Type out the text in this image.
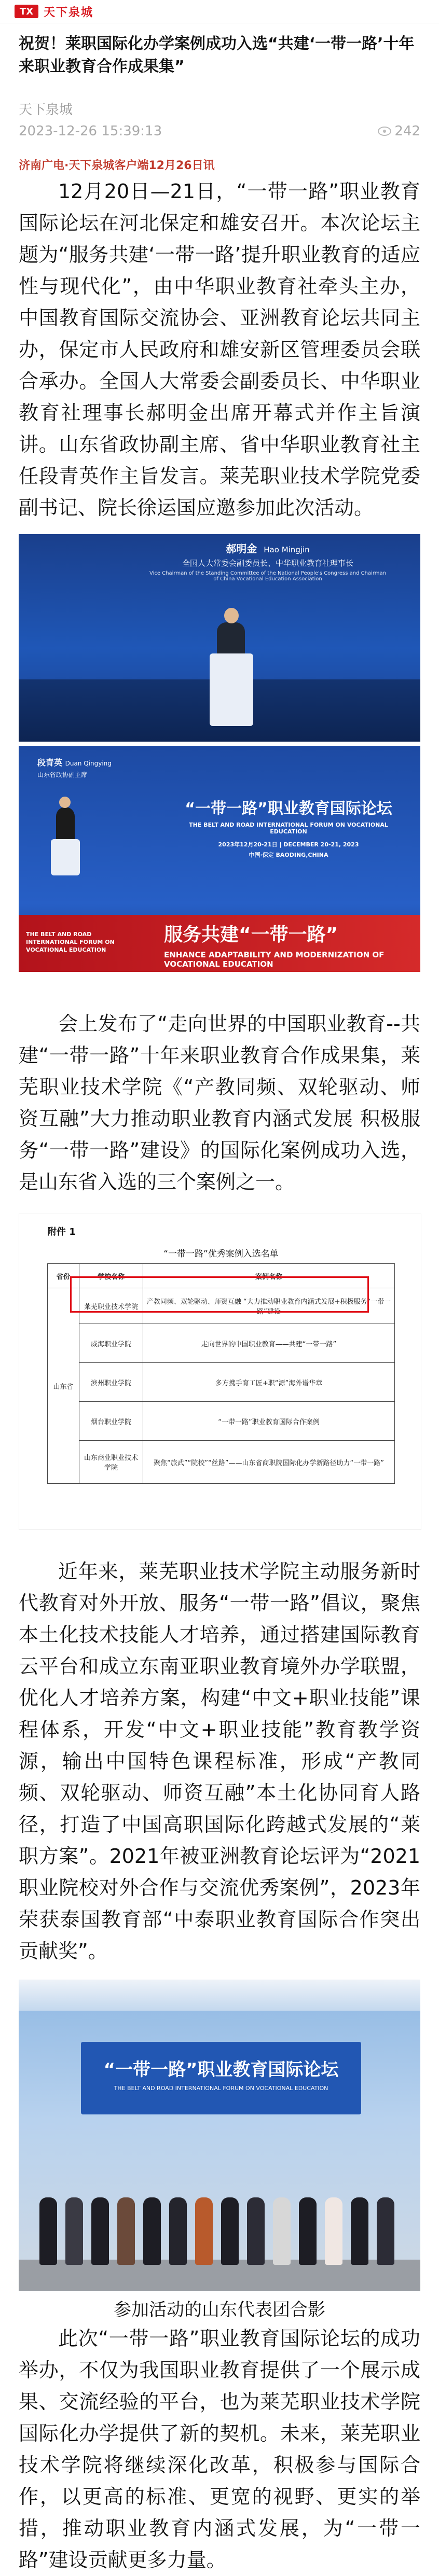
TX 天下泉城
祝贺！莱职国际化办学案例成功入选“共建‘一带一路’十年来职业教育合作成果集”
天下泉城
2023-12-26 15:39:13	242
济南广电·天下泉城客户端12月26日讯

12月20日—21日，“一带一路”职业教育国际论坛在河北保定和雄安召开。本次论坛主题为“服务共建‘一带一路’提升职业教育的适应性与现代化”，由中华职业教育社牵头主办，中国教育国际交流协会、亚洲教育论坛共同主办，保定市人民政府和雄安新区管理委员会联合承办。全国人大常委会副委员长、中华职业教育社理事长郝明金出席开幕式并作主旨演讲。山东省政协副主席、省中华职业教育社主任段青英作主旨发言。莱芜职业技术学院党委副书记、院长徐运国应邀参加此次活动。

郝明金 Hao Mingjin
全国人大常委会副委员长、中华职业教育社理事长
Vice Chairman of the Standing Committee of the National People's Congress and Chairman of China Vocational Education Association
段青英 Duan Qingying
山东省政协副主席
“一带一路”职业教育国际论坛
THE BELT AND ROAD INTERNATIONAL FORUM ON VOCATIONAL EDUCATION
2023年12月20-21日 | DECEMBER 20-21, 2023
中国·保定 BAODING,CHINA
THE BELT AND ROAD INTERNATIONAL FORUM ON VOCATIONAL EDUCATION
服务共建“一带一路”
ENHANCE ADAPTABILITY AND MODERNIZATION OF VOCATIONAL EDUCATION

会上发布了“走向世界的中国职业教育--共建“一带一路”十年来职业教育合作成果集，莱芜职业技术学院《“产教同频、双轮驱动、师资互融”大力推动职业教育内涵式发展 积极服务“一带一路”建设》的国际化案例成功入选，是山东省入选的三个案例之一。

附件 1
“一带一路”优秀案例入选名单
省份	学校名称	案例名称
山东省	莱芜职业技术学院	产教同频、双轮驱动、师资互融 “大力推动职业教育内涵式发展+积极服务“一带一路”建设
	威海职业学院	走向世界的中国职业教育——共建“一带一路”
	滨州职业学院	多方携手育工匠+职“源”海外谱华章
	烟台职业学院	“一带一路”职业教育国际合作案例
	山东商业职业技术学院	聚焦“旅武”“院校”“丝路”——山东省商职院国际化办学新路径助力“一带一路”

近年来，莱芜职业技术学院主动服务新时代教育对外开放、服务“一带一路”倡议，聚焦本土化技术技能人才培养，通过搭建国际教育云平台和成立东南亚职业教育境外办学联盟，优化人才培养方案，构建“中文+职业技能”课程体系，开发“中文+职业技能”教育教学资源，输出中国特色课程标准，形成“产教同频、双轮驱动、师资互融”本土化协同育人路径，打造了中国高职国际化跨越式发展的“莱职方案”。2021年被亚洲教育论坛评为“2021职业院校对外合作与交流优秀案例”，2023年荣获泰国教育部“中泰职业教育国际合作突出贡献奖”。

“一带一路”职业教育国际论坛
THE BELT AND ROAD INTERNATIONAL FORUM ON VOCATIONAL EDUCATION
参加活动的山东代表团合影

此次“一带一路”职业教育国际论坛的成功举办，不仅为我国职业教育提供了一个展示成果、交流经验的平台，也为莱芜职业技术学院国际化办学提供了新的契机。未来，莱芜职业技术学院将继续深化改革，积极参与国际合作，以更高的标准、更宽的视野、更实的举措，推动职业教育内涵式发展，为“一带一路”建设贡献更多力量。
